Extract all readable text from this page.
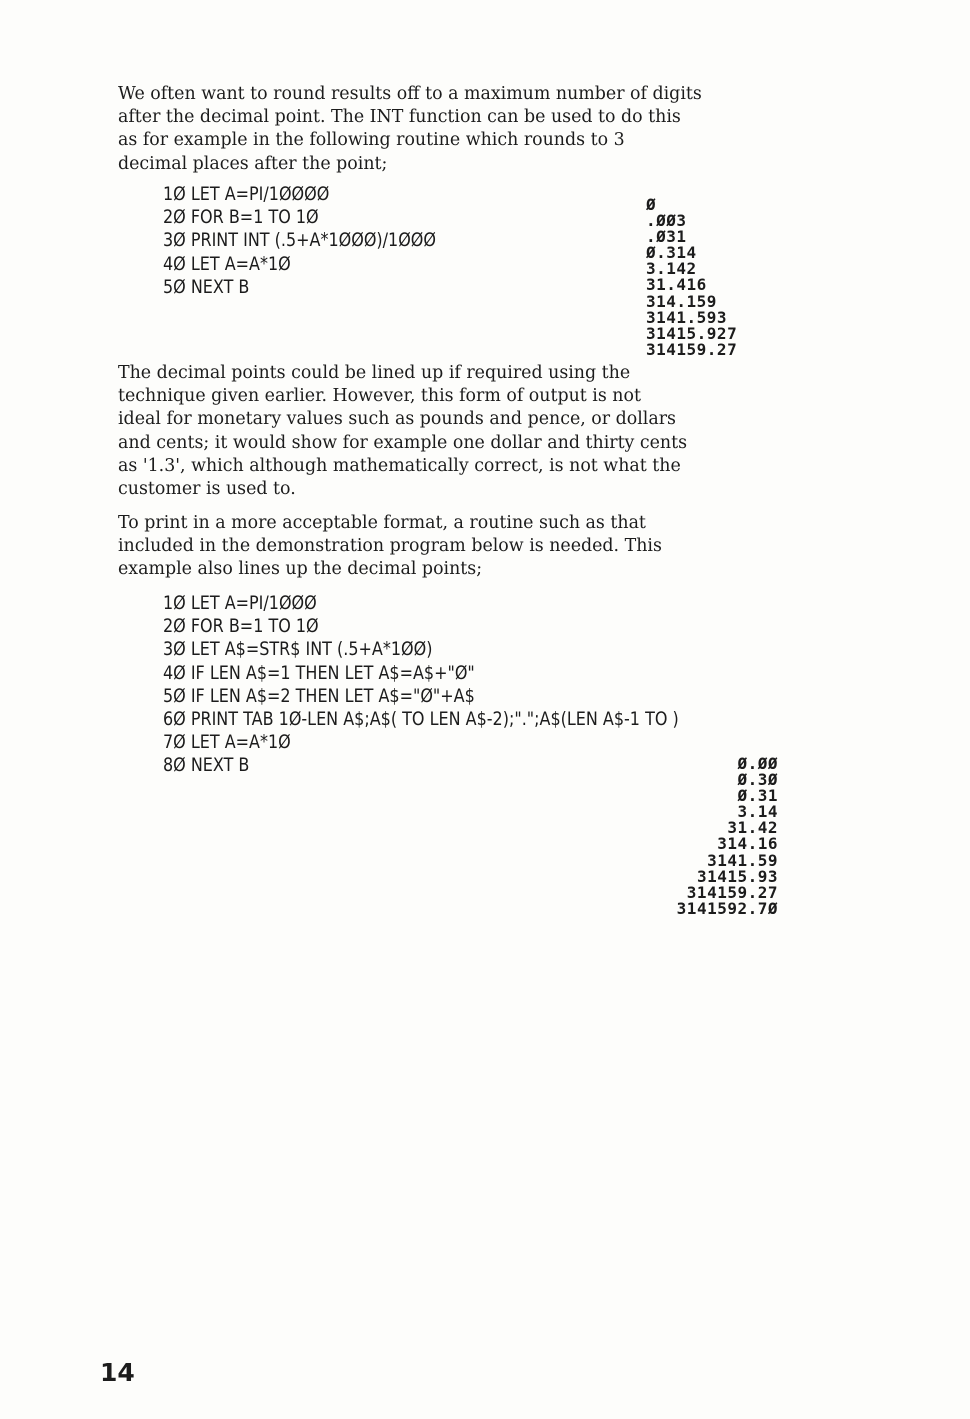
We often want to round results off to a maximum number of digits
after the decimal point. The INT function can be used to do this
as for example in the following routine which rounds to 3
decimal places after the point;
1Ø LET A=PI/1ØØØØ
2Ø FOR B=1 TO 1Ø
3Ø PRINT INT (.5+A*1ØØØ)/1ØØØ
4Ø LET A=A*1Ø
5Ø NEXT B
Ø
.ØØ3
.Ø31
Ø.314
3.142
31.416
314.159
3141.593
31415.927
314159.27
The decimal points could be lined up if required using the
technique given earlier. However, this form of output is not
ideal for monetary values such as pounds and pence, or dollars
and cents; it would show for example one dollar and thirty cents
as '1.3', which although mathematically correct, is not what the
customer is used to.
To print in a more acceptable format, a routine such as that
included in the demonstration program below is needed. This
example also lines up the decimal points;
1Ø LET A=PI/1ØØØ
2Ø FOR B=1 TO 1Ø
3Ø LET A$=STR$ INT (.5+A*1ØØ)
4Ø IF LEN A$=1 THEN LET A$=A$+"Ø"
5Ø IF LEN A$=2 THEN LET A$="Ø"+A$
6Ø PRINT TAB 1Ø-LEN A$;A$( TO LEN A$-2);".";A$(LEN A$-1 TO )
7Ø LET A=A*1Ø
8Ø NEXT B	Ø.ØØ
Ø.3Ø
Ø.31
3.14
31.42
314.16
3141.59
31415.93
314159.27
3141592.7Ø
14
